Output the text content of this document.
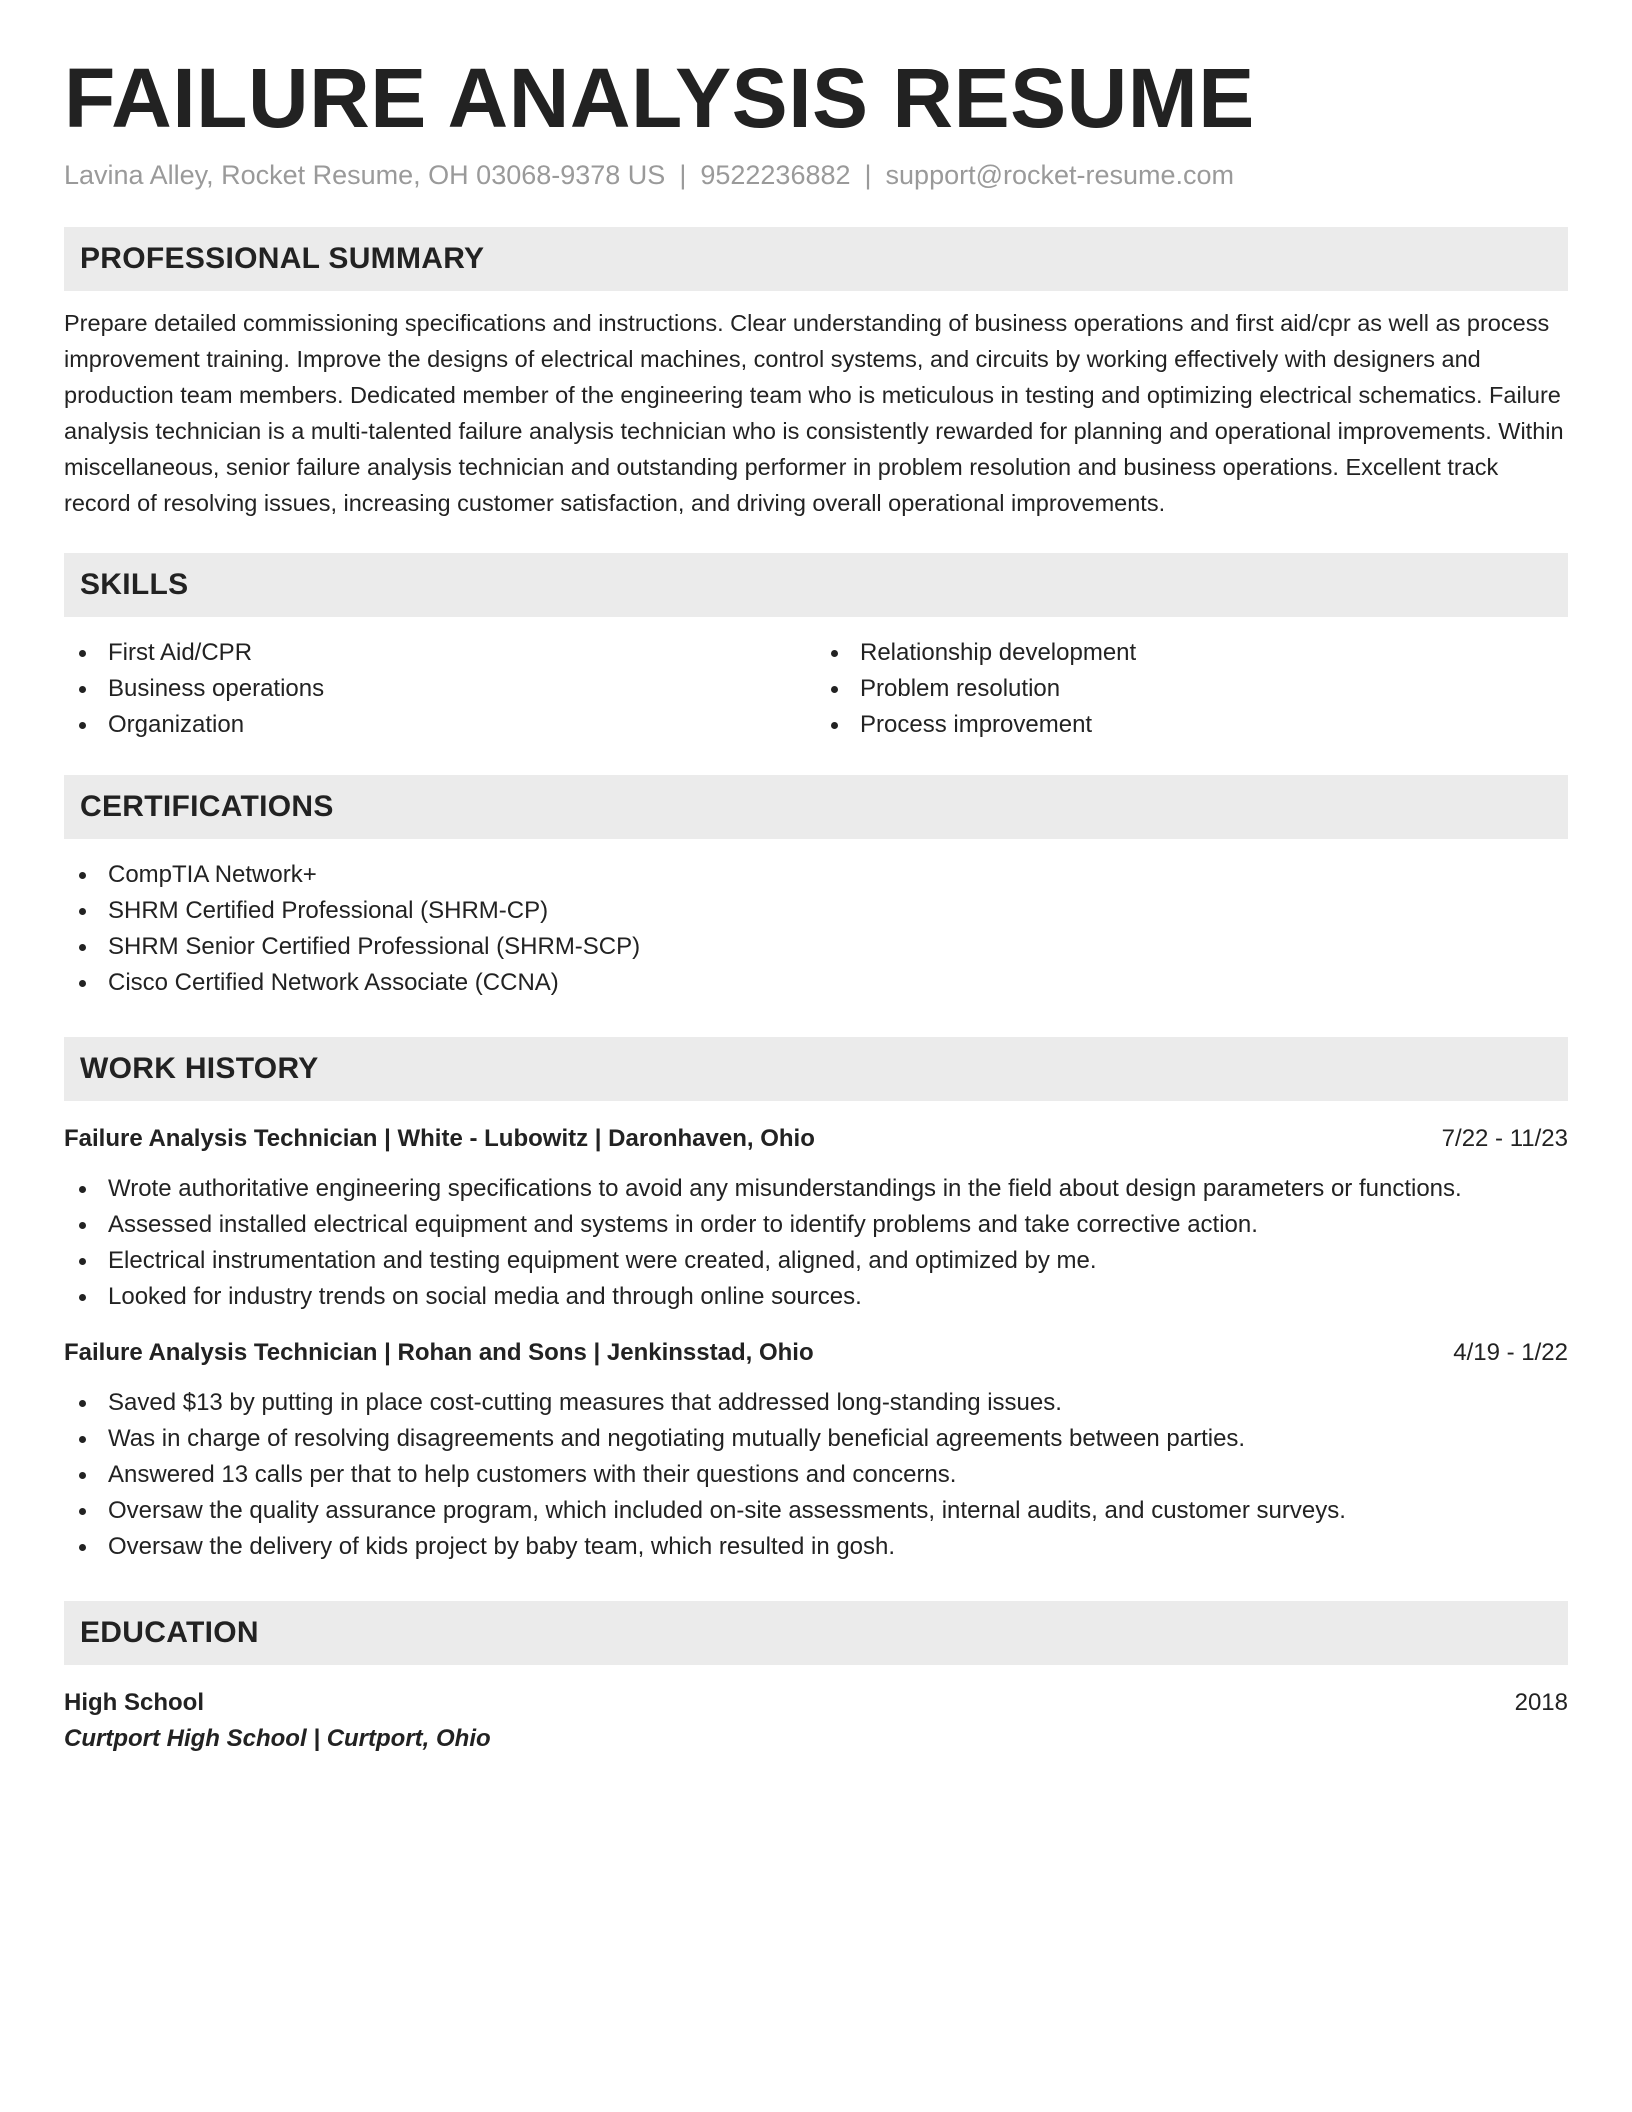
FAILURE ANALYSIS RESUME
Lavina Alley, Rocket Resume, OH 03068-9378 US | 9522236882 | support@rocket-resume.com
PROFESSIONAL SUMMARY
Prepare detailed commissioning specifications and instructions. Clear understanding of business operations and first aid/cpr as well as process improvement training. Improve the designs of electrical machines, control systems, and circuits by working effectively with designers and production team members. Dedicated member of the engineering team who is meticulous in testing and optimizing electrical schematics. Failure analysis technician is a multi-talented failure analysis technician who is consistently rewarded for planning and operational improvements. Within miscellaneous, senior failure analysis technician and outstanding performer in problem resolution and business operations. Excellent track record of resolving issues, increasing customer satisfaction, and driving overall operational improvements.
SKILLS
First Aid/CPR
Business operations
Organization
Relationship development
Problem resolution
Process improvement
CERTIFICATIONS
CompTIA Network+
SHRM Certified Professional (SHRM-CP)
SHRM Senior Certified Professional (SHRM-SCP)
Cisco Certified Network Associate (CCNA)
WORK HISTORY
Failure Analysis Technician | White - Lubowitz | Daronhaven, Ohio	7/22 - 11/23
Wrote authoritative engineering specifications to avoid any misunderstandings in the field about design parameters or functions.
Assessed installed electrical equipment and systems in order to identify problems and take corrective action.
Electrical instrumentation and testing equipment were created, aligned, and optimized by me.
Looked for industry trends on social media and through online sources.
Failure Analysis Technician | Rohan and Sons | Jenkinsstad, Ohio	4/19 - 1/22
Saved $13 by putting in place cost-cutting measures that addressed long-standing issues.
Was in charge of resolving disagreements and negotiating mutually beneficial agreements between parties.
Answered 13 calls per that to help customers with their questions and concerns.
Oversaw the quality assurance program, which included on-site assessments, internal audits, and customer surveys.
Oversaw the delivery of kids project by baby team, which resulted in gosh.
EDUCATION
High School	2018
Curtport High School | Curtport, Ohio
